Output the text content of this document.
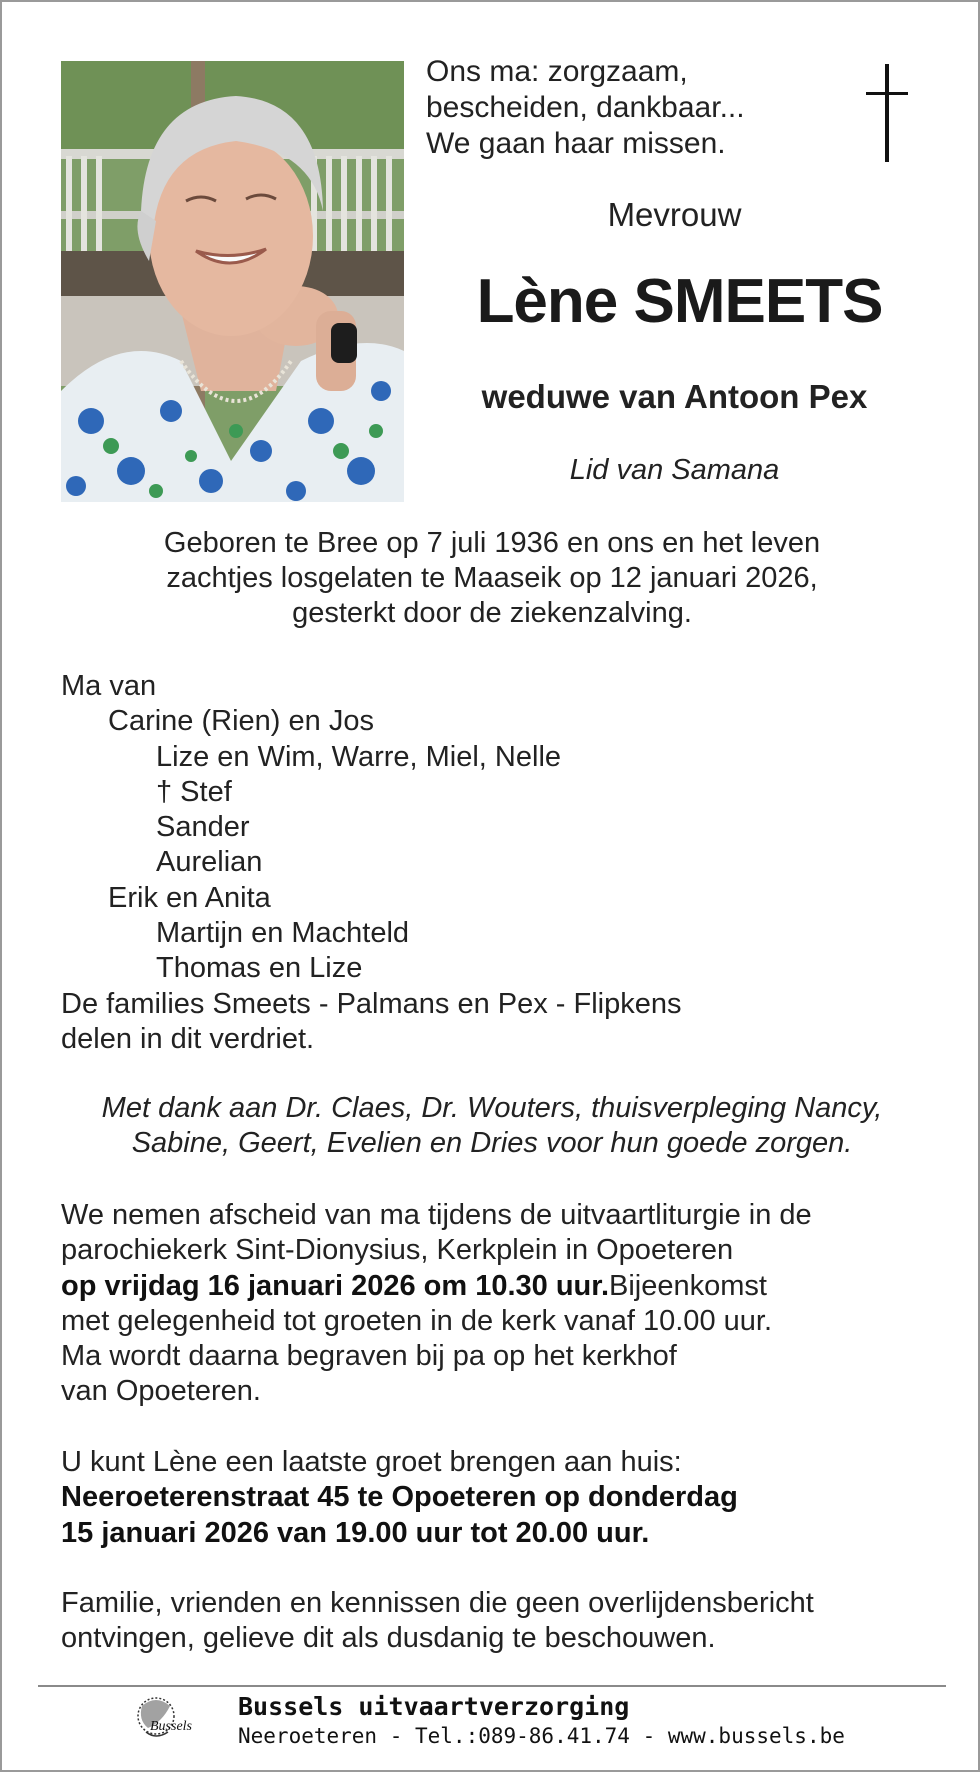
Ons ma: zorgzaam,
bescheiden, dankbaar...
We gaan haar missen.
Mevrouw
Lène SMEETS
weduwe van Antoon Pex
Lid van Samana
Geboren te Bree op 7 juli 1936 en ons en het leven
zachtjes losgelaten te Maaseik op 12 januari 2026,
gesterkt door de ziekenzalving.
Ma van
Carine (Rien) en Jos
Lize en Wim, Warre, Miel, Nelle
† Stef
Sander
Aurelian
Erik en Anita
Martijn en Machteld
Thomas en Lize
De families Smeets - Palmans en Pex - Flipkens
delen in dit verdriet.
Met dank aan Dr. Claes, Dr. Wouters, thuisverpleging Nancy,
Sabine, Geert, Evelien en Dries voor hun goede zorgen.
We nemen afscheid van ma tijdens de uitvaartliturgie in de
parochiekerk Sint-Dionysius, Kerkplein in Opoeteren
op vrijdag 16 januari 2026 om 10.30 uur.Bijeenkomst
met gelegenheid tot groeten in de kerk vanaf 10.00 uur.
Ma wordt daarna begraven bij pa op het kerkhof
van Opoeteren.
U kunt Lène een laatste groet brengen aan huis:
Neeroeterenstraat 45 te Opoeteren op donderdag
15 januari 2026 van 19.00 uur tot 20.00 uur.
Familie, vrienden en kennissen die geen overlijdensbericht
ontvingen, gelieve dit als dusdanig te beschouwen.
Bussels
Bussels uitvaartverzorging
Neeroeteren - Tel.:089-86.41.74 - www.bussels.be
